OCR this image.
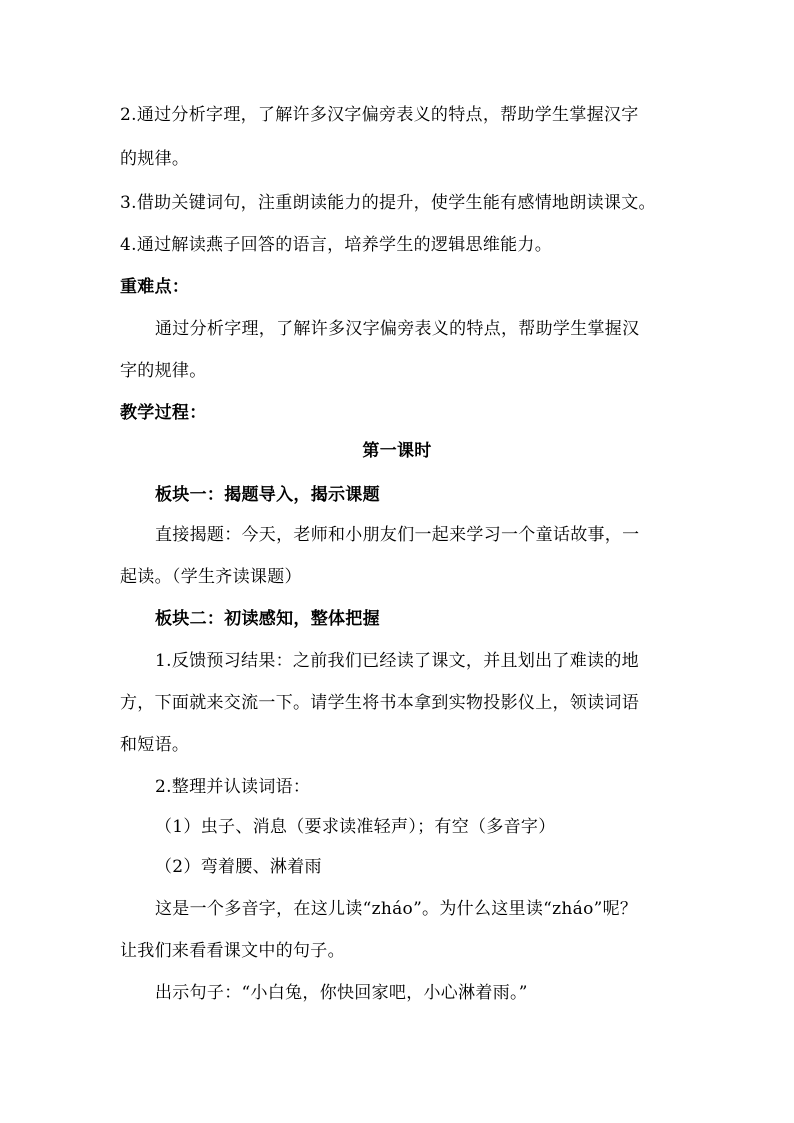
2.通过分析字理，了解许多汉字偏旁表义的特点，帮助学生掌握汉字
的规律。
3.借助关键词句，注重朗读能力的提升，使学生能有感情地朗读课文。
4.通过解读燕子回答的语言，培养学生的逻辑思维能力。
重难点：
通过分析字理，了解许多汉字偏旁表义的特点，帮助学生掌握汉
字的规律。
教学过程：
第一课时
板块一：揭题导入，揭示课题
直接揭题：今天，老师和小朋友们一起来学习一个童话故事，一
起读。（学生齐读课题）
板块二：初读感知，整体把握
1.反馈预习结果：之前我们已经读了课文，并且划出了难读的地
方，下面就来交流一下。请学生将书本拿到实物投影仪上，领读词语
和短语。
2.整理并认读词语：
（1）虫子、消息（要求读准轻声）；有空（多音字）
（2）弯着腰、淋着雨
这是一个多音字，在这儿读“zháo”。为什么这里读“zháo”呢？
让我们来看看课文中的句子。
出示句子：“小白兔，你快回家吧，小心淋着雨。”
